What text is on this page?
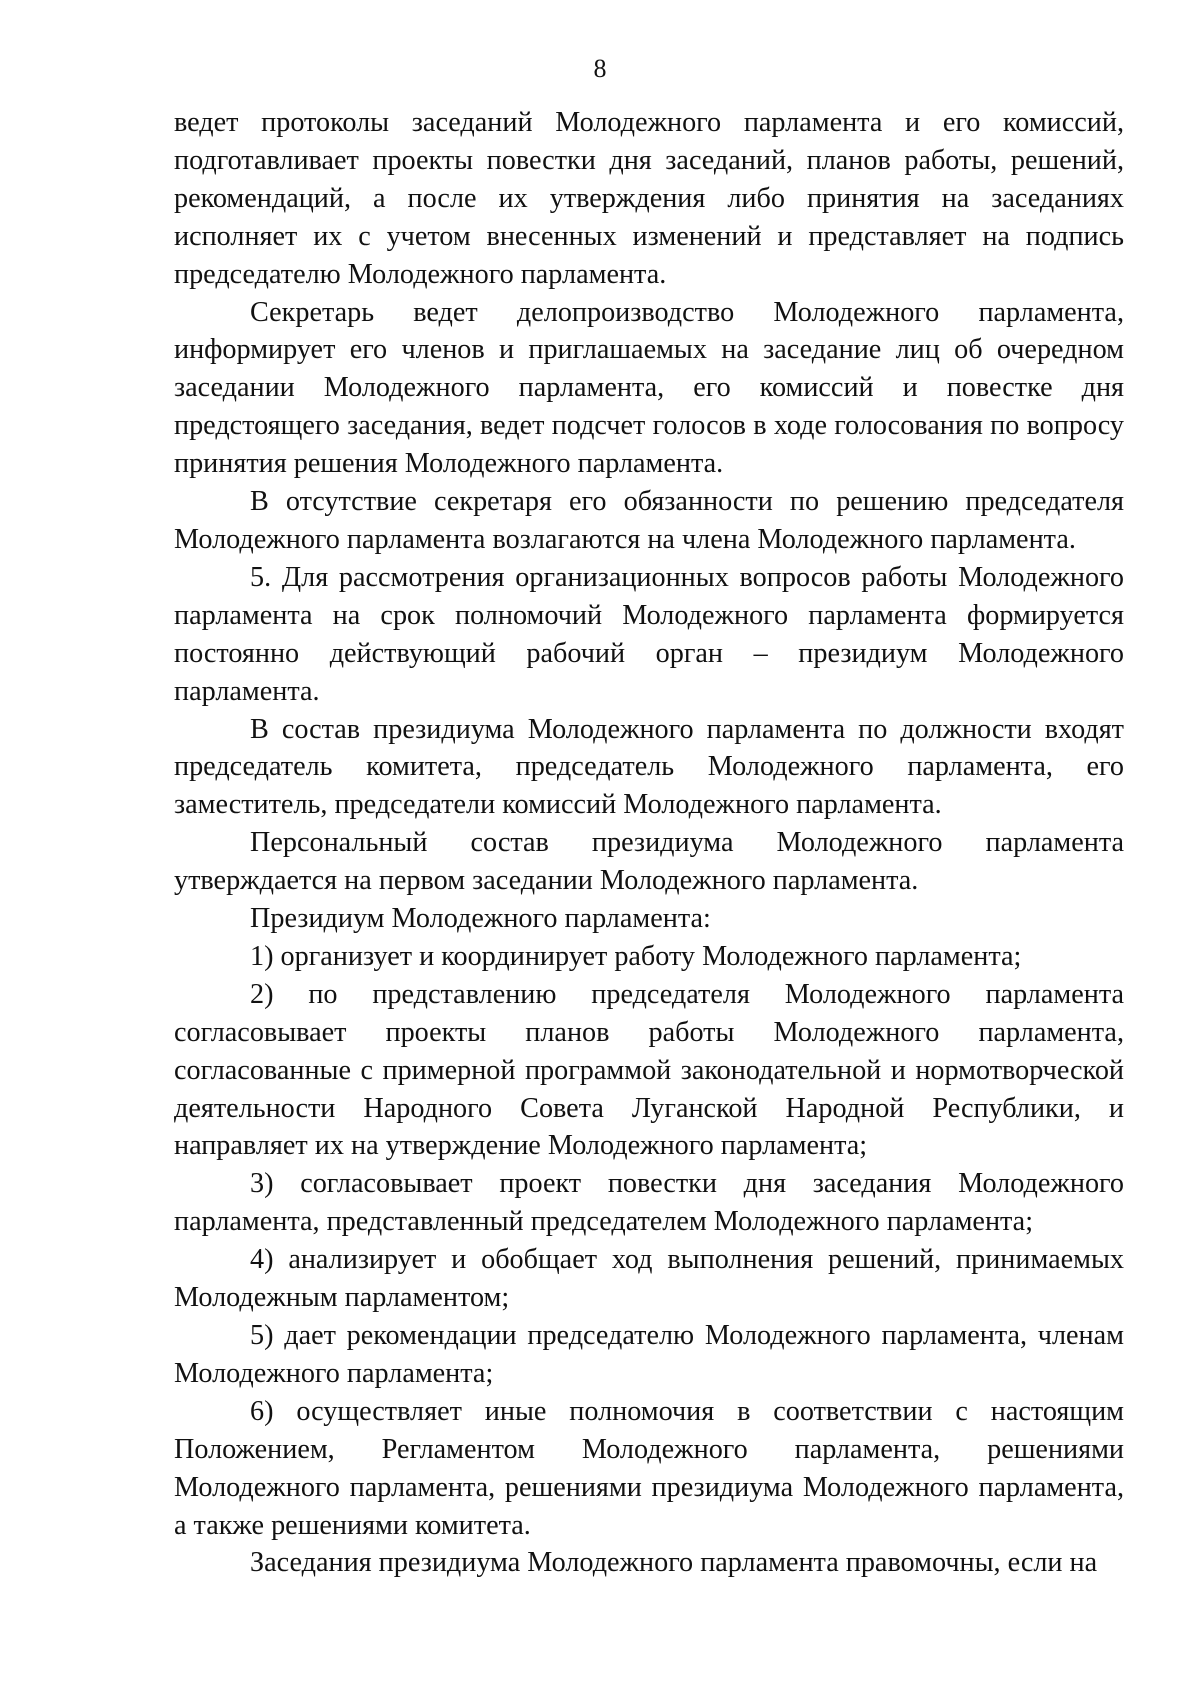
8

ведет протоколы заседаний Молодежного парламента и его комиссий, подготавливает проекты повестки дня заседаний, планов работы, решений, рекомендаций, а после их утверждения либо принятия на заседаниях исполняет их с учетом внесенных изменений и представляет на подпись председателю Молодежного парламента.

Секретарь ведет делопроизводство Молодежного парламента, информирует его членов и приглашаемых на заседание лиц об очередном заседании Молодежного парламента, его комиссий и повестке дня предстоящего заседания, ведет подсчет голосов в ходе голосования по вопросу принятия решения Молодежного парламента.

В отсутствие секретаря его обязанности по решению председателя Молодежного парламента возлагаются на члена Молодежного парламента.

5. Для рассмотрения организационных вопросов работы Молодежного парламента на срок полномочий Молодежного парламента формируется постоянно действующий рабочий орган – президиум Молодежного парламента.

В состав президиума Молодежного парламента по должности входят председатель комитета, председатель Молодежного парламента, его заместитель, председатели комиссий Молодежного парламента.

Персональный состав президиума Молодежного парламента утверждается на первом заседании Молодежного парламента.

Президиум Молодежного парламента:

1) организует и координирует работу Молодежного парламента;

2) по представлению председателя Молодежного парламента согласовывает проекты планов работы Молодежного парламента, согласованные с примерной программой законодательной и нормотворческой деятельности Народного Совета Луганской Народной Республики, и направляет их на утверждение Молодежного парламента;

3) согласовывает проект повестки дня заседания Молодежного парламента, представленный председателем Молодежного парламента;

4) анализирует и обобщает ход выполнения решений, принимаемых Молодежным парламентом;

5) дает рекомендации председателю Молодежного парламента, членам Молодежного парламента;

6) осуществляет иные полномочия в соответствии с настоящим Положением, Регламентом Молодежного парламента, решениями Молодежного парламента, решениями президиума Молодежного парламента, а также решениями комитета.

Заседания президиума Молодежного парламента правомочны, если на
